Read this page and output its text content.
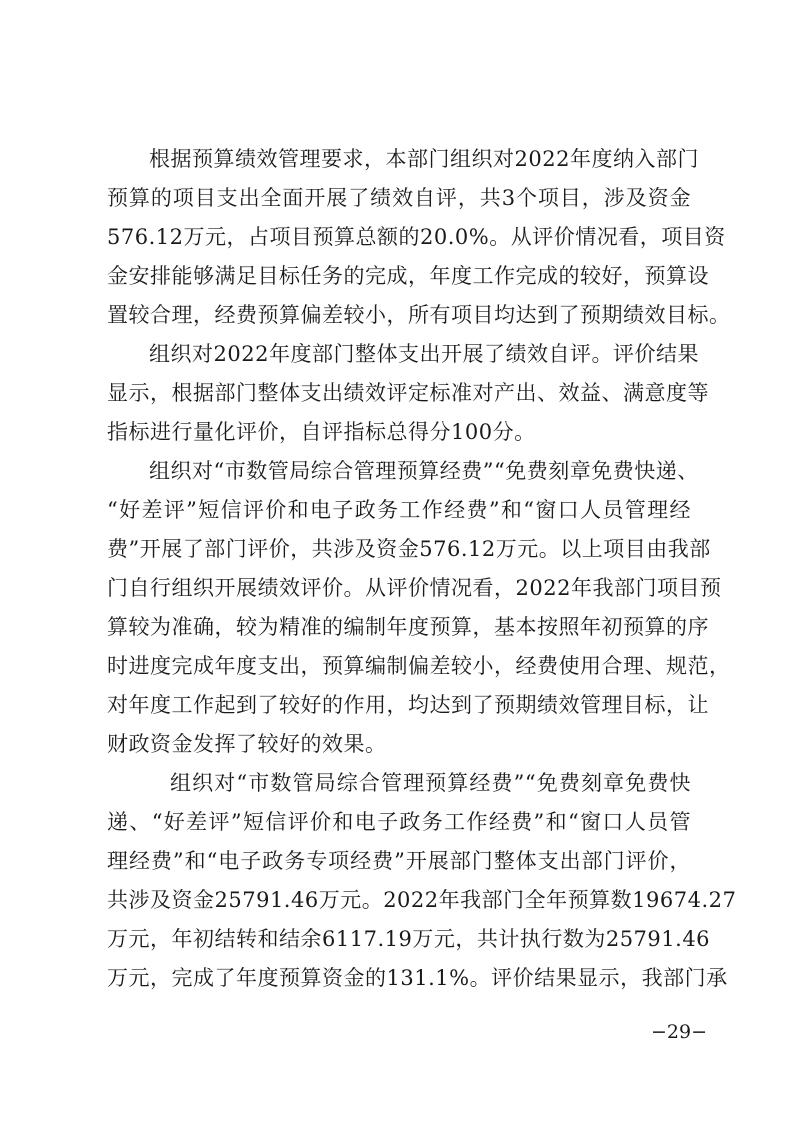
根据预算绩效管理要求，本部门组织对2022年度纳入部门
预算的项目支出全面开展了绩效自评，共3个项目，涉及资金
576.12万元，占项目预算总额的20.0%。从评价情况看，项目资
金安排能够满足目标任务的完成，年度工作完成的较好，预算设
置较合理，经费预算偏差较小，所有项目均达到了预期绩效目标。
组织对2022年度部门整体支出开展了绩效自评。评价结果
显示，根据部门整体支出绩效评定标准对产出、效益、满意度等
指标进行量化评价，自评指标总得分100分。
组织对“市数管局综合管理预算经费”“免费刻章免费快递、
“好差评”短信评价和电子政务工作经费”和“窗口人员管理经
费”开展了部门评价，共涉及资金576.12万元。以上项目由我部
门自行组织开展绩效评价。从评价情况看，2022年我部门项目预
算较为准确，较为精准的编制年度预算，基本按照年初预算的序
时进度完成年度支出，预算编制偏差较小，经费使用合理、规范，
对年度工作起到了较好的作用，均达到了预期绩效管理目标，让
财政资金发挥了较好的效果。
组织对“市数管局综合管理预算经费”“免费刻章免费快
递、“好差评”短信评价和电子政务工作经费”和“窗口人员管
理经费”和“电子政务专项经费”开展部门整体支出部门评价，
共涉及资金25791.46万元。2022年我部门全年预算数19674.27
万元，年初结转和结余6117.19万元，共计执行数为25791.46
万元，完成了年度预算资金的131.1%。评价结果显示，我部门承
−29−
